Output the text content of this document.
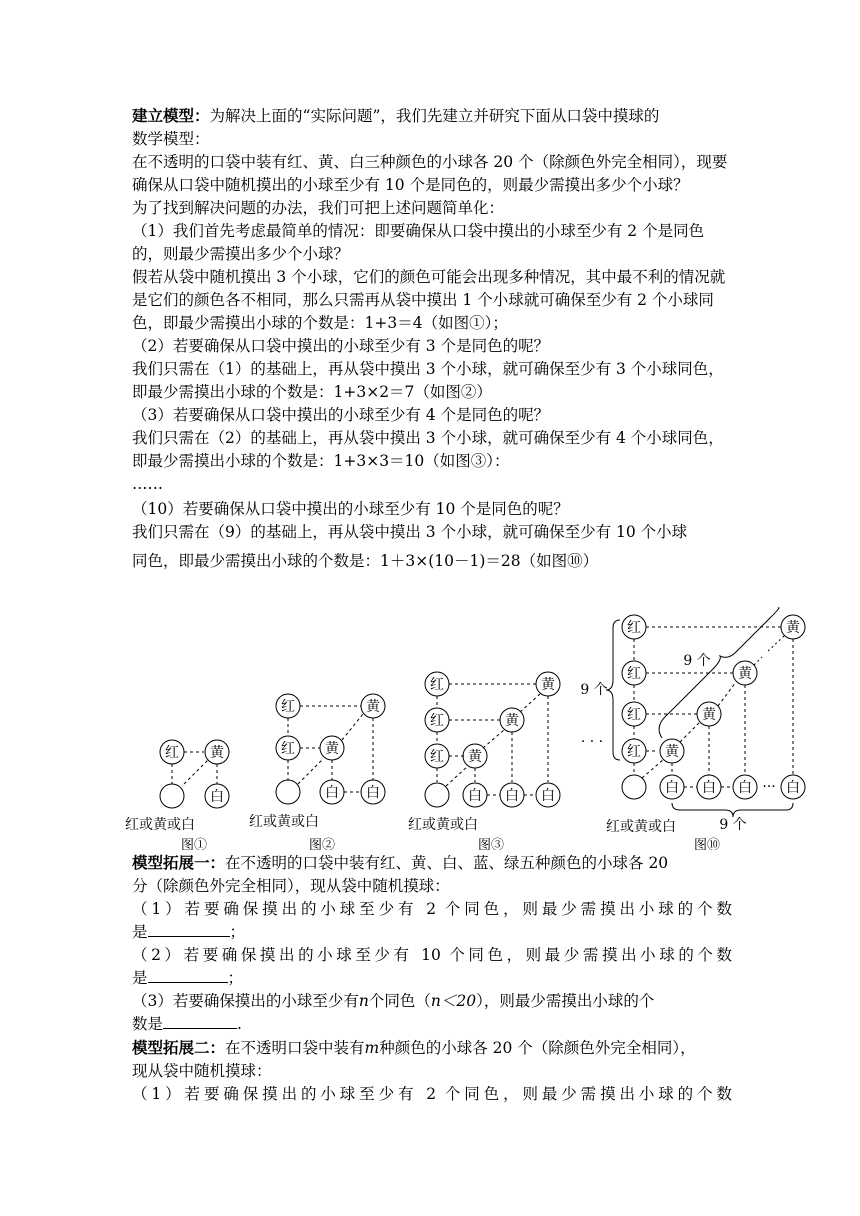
建立模型：为解决上面的“实际问题”，我们先建立并研究下面从口袋中摸球的

数学模型：

在不透明的口袋中装有红、黄、白三种颜色的小球各 20 个（除颜色外完全相同），现要确保从口袋中随机摸出的小球至少有 10 个是同色的，则最少需摸出多少个小球？

为了找到解决问题的办法，我们可把上述问题简单化：

（1）我们首先考虑最简单的情况：即要确保从口袋中摸出的小球至少有 2 个是同色的，则最少需摸出多少个小球？

假若从袋中随机摸出 3 个小球，它们的颜色可能会出现多种情况，其中最不利的情况就是它们的颜色各不相同，那么只需再从袋中摸出 1 个小球就可确保至少有 2 个小球同色，即最少需摸出小球的个数是：1+3＝4（如图①）；

（2）若要确保从口袋中摸出的小球至少有 3 个是同色的呢？

我们只需在（1）的基础上，再从袋中摸出 3 个小球，就可确保至少有 3 个小球同色，即最少需摸出小球的个数是：1+3×2＝7（如图②）

（3）若要确保从口袋中摸出的小球至少有 4 个是同色的呢？

我们只需在（2）的基础上，再从袋中摸出 3 个小球，就可确保至少有 4 个小球同色，即最少需摸出小球的个数是：1+3×3＝10（如图③）：

……

（10）若要确保从口袋中摸出的小球至少有 10 个是同色的呢？

我们只需在（9）的基础上，再从袋中摸出 3 个小球，就可确保至少有 10 个小球

同色，即最少需摸出小球的个数是：1＋3×(10－1)＝28（如图⑩）

红 黄
白
红或黄或白
图①
红	黄
红 黄
白 白
红或黄或白
图②
红	黄
红	黄
红 黄
白 白 白
红或黄或白
图③
· · ·
红	黄
红	黄
红	黄
红 黄
白 白 白 白
···
9 个
9 个
9 个
红或黄或白
图⑩

模型拓展一：在不透明的口袋中装有红、黄、白、蓝、绿五种颜色的小球各 20

分（除颜色外完全相同），现从袋中随机摸球：

（1）若要确保摸出的小球至少有 2 个同色，则最少需摸出小球的个数

是	；

（2）若要确保摸出的小球至少有 10 个同色，则最少需摸出小球的个数

是	；

（3）若要确保摸出的小球至少有n个同色（n＜20），则最少需摸出小球的个

数是	.

模型拓展二：在不透明口袋中装有m种颜色的小球各 20 个（除颜色外完全相同），

现从袋中随机摸球：

（1）若要确保摸出的小球至少有 2 个同色，则最少需摸出小球的个数
